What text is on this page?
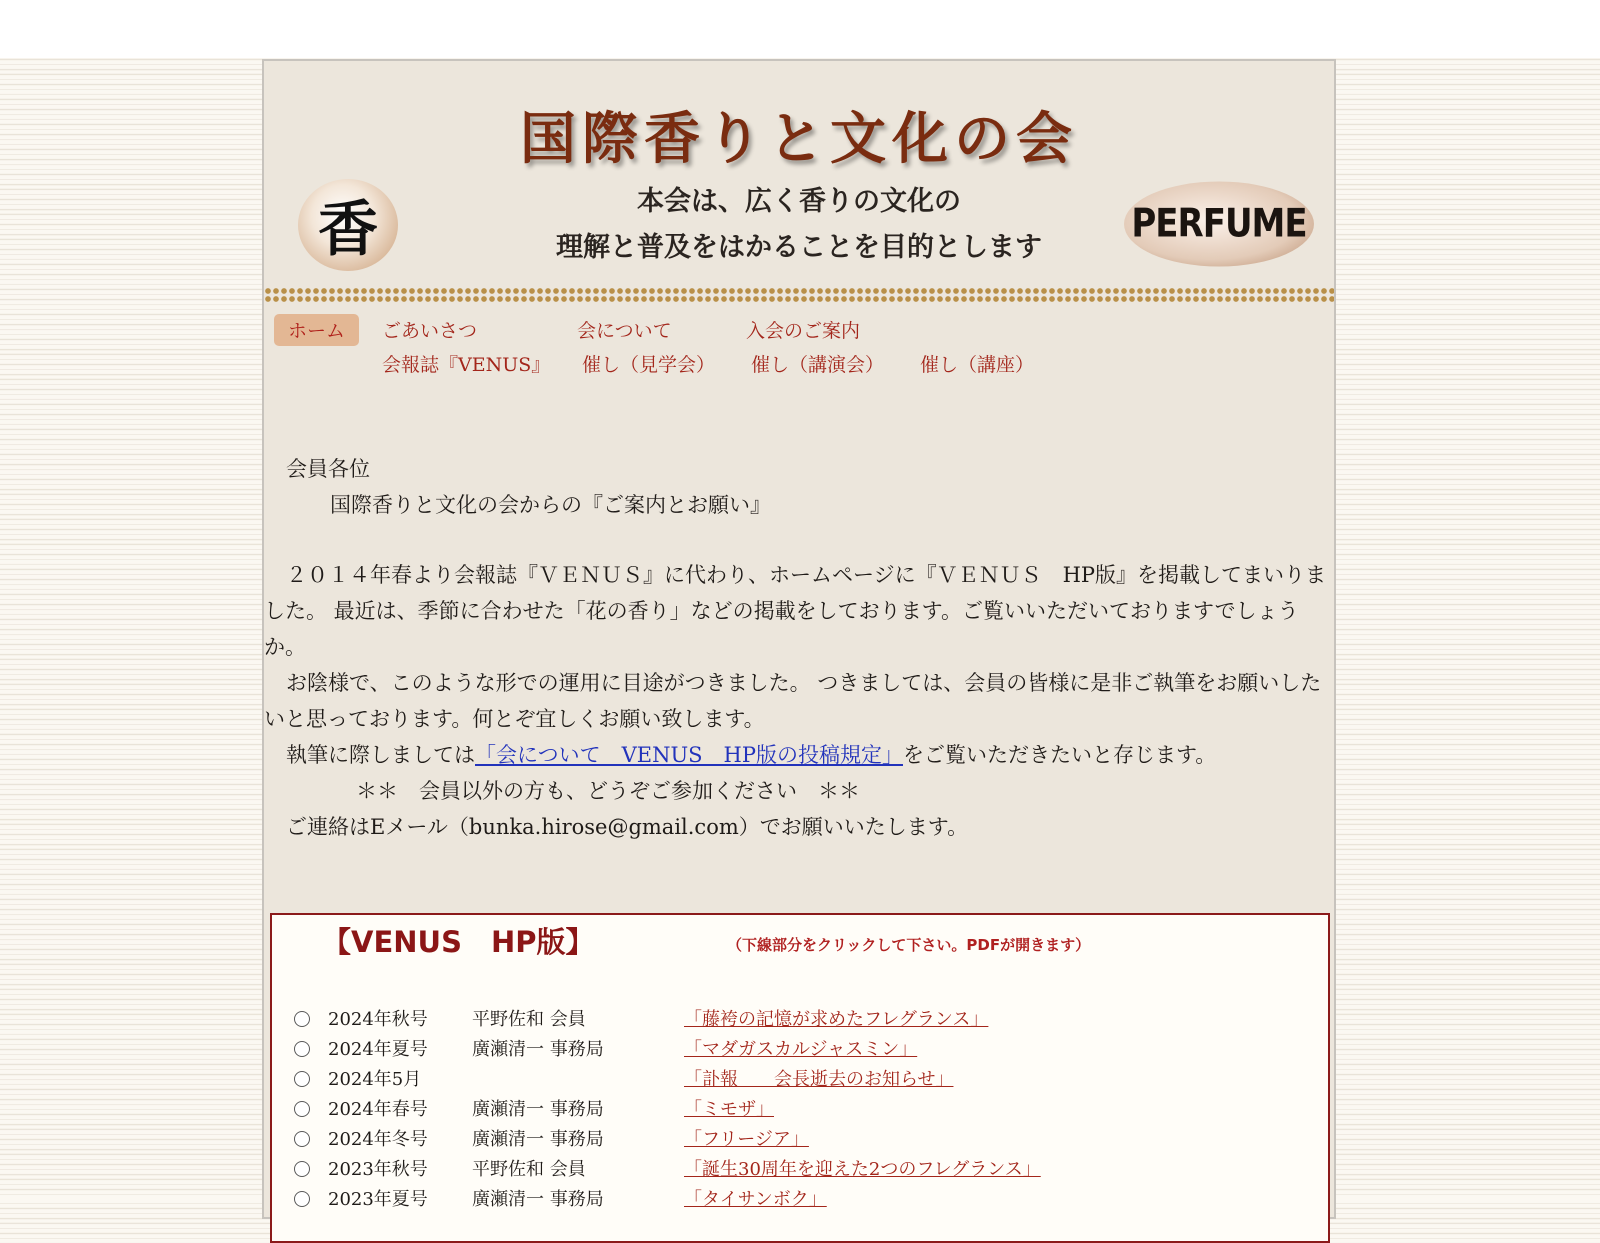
国際香りと文化の会
香	本会は、広く香りの文化の
理解と普及をはかることを目的とします
PERFUME
ホーム	ごあいさつ	会について	入会のご案内
会報誌『VENUS』 催し（見学会） 催し（講演会） 催し（講座）

会員各位

国際香りと文化の会からの『ご案内とお願い』

２０１４年春より会報誌『ＶＥＮＵＳ』に代わり、ホームページに『ＶＥＮＵＳ　HP版』を掲載してまいりました。 最近は、季節に合わせた「花の香り」などの掲載をしております。ご覧いいただいておりますでしょうか。

お陰様で、このような形での運用に目途がつきました。 つきましては、会員の皆様に是非ご執筆をお願いしたいと思っております。何とぞ宜しくお願い致します。

執筆に際しましては「会について　VENUS　HP版の投稿規定」をご覧いただきたいと存じます。

＊＊　会員以外の方も、どうぞご参加ください　＊＊

ご連絡はEメール（bunka.hirose@gmail.com）でお願いいたします。

【VENUS　HP版】	（下線部分をクリックして下さい。PDFが開きます）
2024年秋号 平野佐和 会員	「藤袴の記憶が求めたフレグランス」
2024年夏号 廣瀬清一 事務局	「マダガスカルジャスミン」
2024年5月	「訃報　　会長逝去のお知らせ」
2024年春号 廣瀬清一 事務局	「ミモザ」
2024年冬号 廣瀬清一 事務局	「フリージア」
2023年秋号 平野佐和 会員	「誕生30周年を迎えた2つのフレグランス」
2023年夏号 廣瀬清一 事務局	「タイサンボク」
